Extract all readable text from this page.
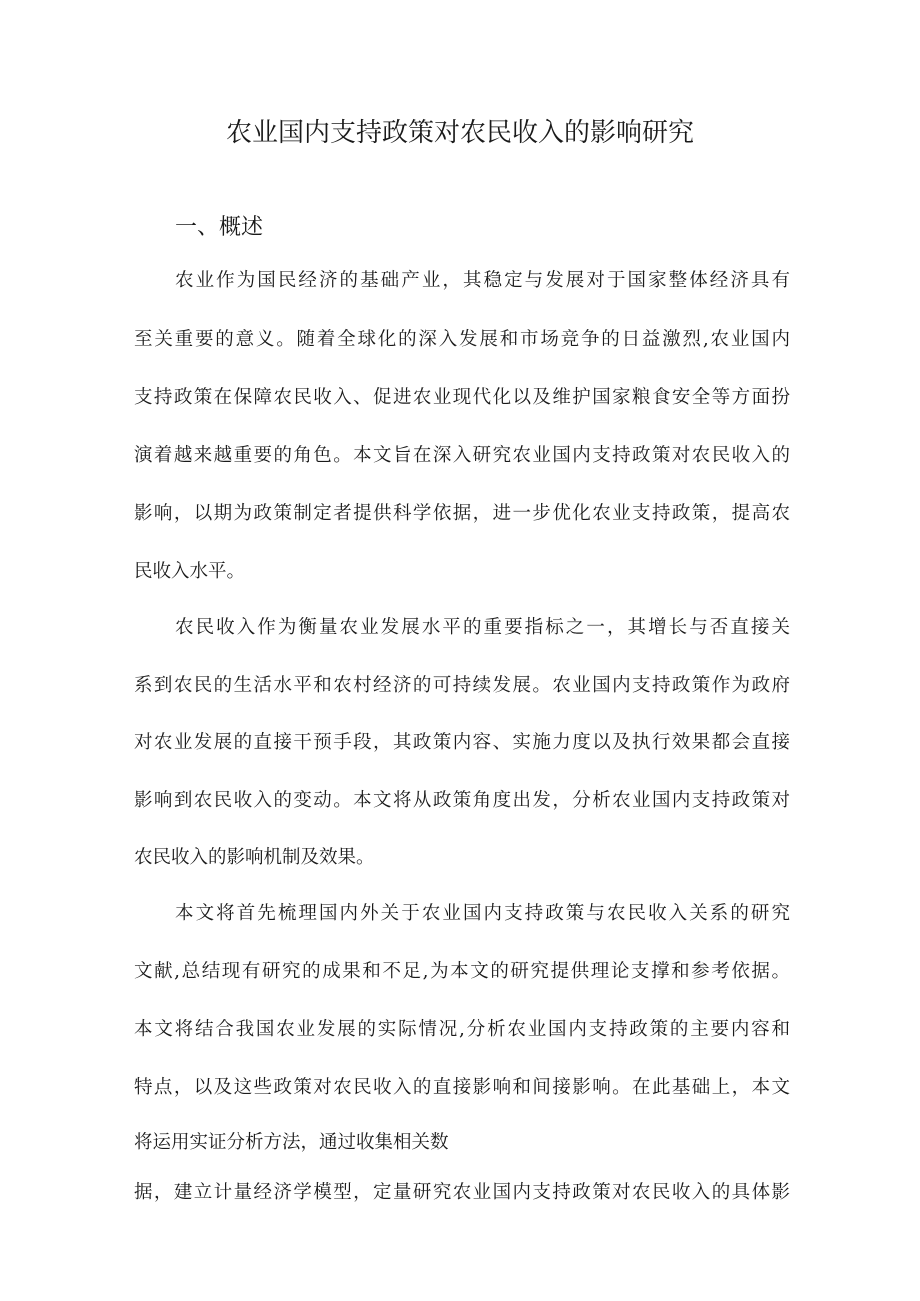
农业国内支持政策对农民收入的影响研究
一、概述
农业作为国民经济的基础产业，其稳定与发展对于国家整体经济具有
至关重要的意义。随着全球化的深入发展和市场竞争的日益激烈,农业国内
支持政策在保障农民收入、促进农业现代化以及维护国家粮食安全等方面扮
演着越来越重要的角色。本文旨在深入研究农业国内支持政策对农民收入的
影响，以期为政策制定者提供科学依据，进一步优化农业支持政策，提高农
民收入水平。
农民收入作为衡量农业发展水平的重要指标之一，其增长与否直接关
系到农民的生活水平和农村经济的可持续发展。农业国内支持政策作为政府
对农业发展的直接干预手段，其政策内容、实施力度以及执行效果都会直接
影响到农民收入的变动。本文将从政策角度出发，分析农业国内支持政策对
农民收入的影响机制及效果。
本文将首先梳理国内外关于农业国内支持政策与农民收入关系的研究
文献,总结现有研究的成果和不足,为本文的研究提供理论支撑和参考依据。
本文将结合我国农业发展的实际情况,分析农业国内支持政策的主要内容和
特点，以及这些政策对农民收入的直接影响和间接影响。在此基础上，本文
将运用实证分析方法，通过收集相关数
据，建立计量经济学模型，定量研究农业国内支持政策对农民收入的具体影
